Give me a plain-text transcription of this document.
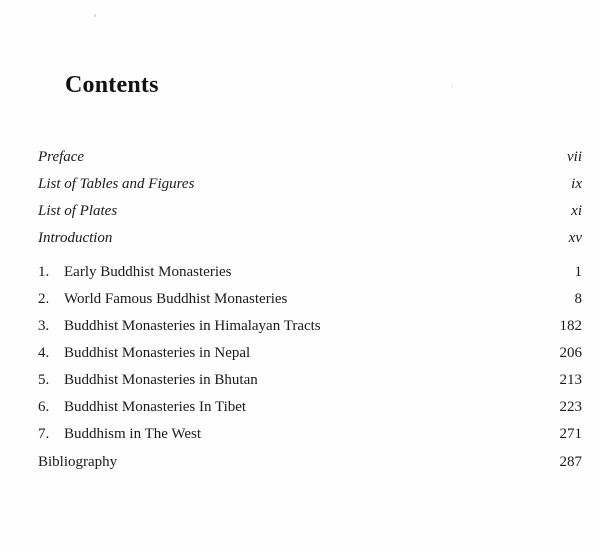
Contents
Preface	vii
List of Tables and Figures	ix
List of Plates	xi
Introduction	xv
1. Early Buddhist Monasteries	1
2. World Famous Buddhist Monasteries	8
3. Buddhist Monasteries in Himalayan Tracts	182
4. Buddhist Monasteries in Nepal	206
5. Buddhist Monasteries in Bhutan	213
6. Buddhist Monasteries In Tibet	223
7. Buddhism in The West	271
Bibliography	287
